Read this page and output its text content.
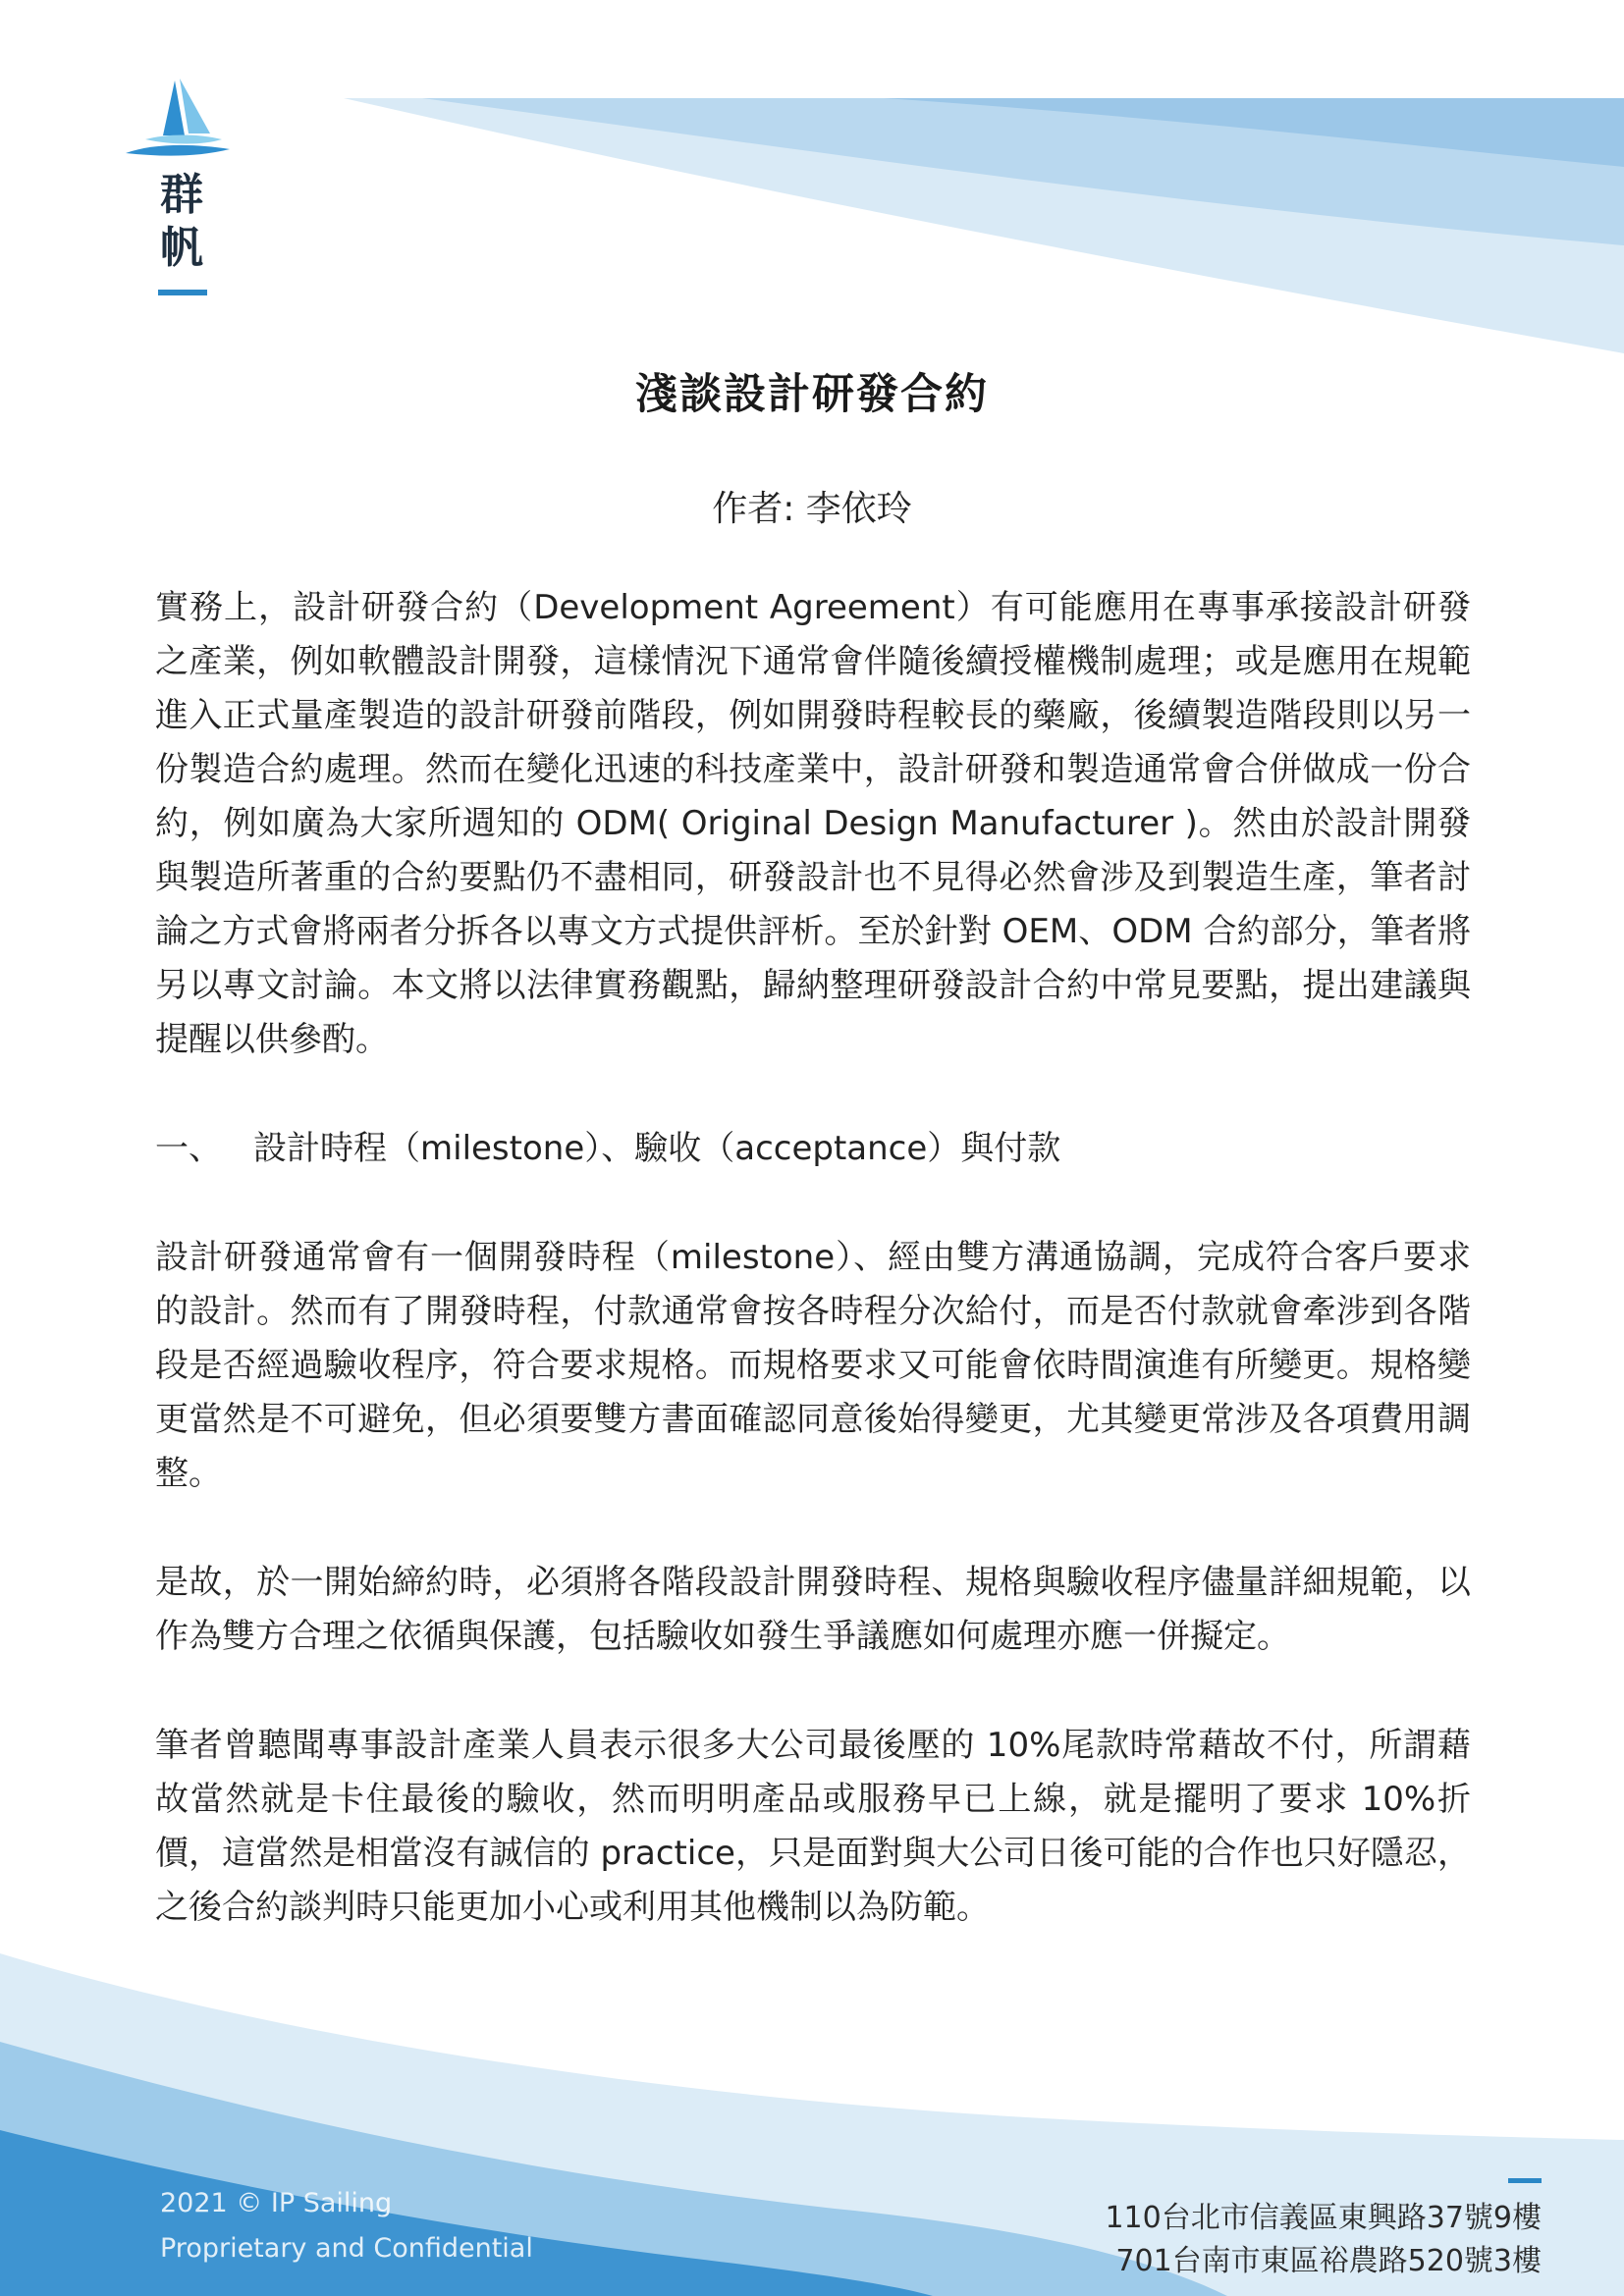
群
帆
淺談設計研發合約
作者: 李依玲

實務上，設計研發合約（Development Agreement）有可能應用在專事承接設計研發之產業，例如軟體設計開發，這樣情況下通常會伴隨後續授權機制處理；或是應用在規範進入正式量產製造的設計研發前階段，例如開發時程較長的藥廠，後續製造階段則以另一份製造合約處理。然而在變化迅速的科技產業中，設計研發和製造通常會合併做成一份合約，例如廣為大家所週知的 ODM( Original Design Manufacturer )。然由於設計開發與製造所著重的合約要點仍不盡相同，研發設計也不見得必然會涉及到製造生產，筆者討論之方式會將兩者分拆各以專文方式提供評析。至於針對 OEM、ODM 合約部分，筆者將另以專文討論。本文將以法律實務觀點，歸納整理研發設計合約中常見要點，提出建議與提醒以供參酌。

一、 設計時程（milestone）、驗收（acceptance）與付款

設計研發通常會有一個開發時程（milestone）、經由雙方溝通協調，完成符合客戶要求的設計。然而有了開發時程，付款通常會按各時程分次給付，而是否付款就會牽涉到各階段是否經過驗收程序，符合要求規格。而規格要求又可能會依時間演進有所變更。規格變更當然是不可避免，但必須要雙方書面確認同意後始得變更，尤其變更常涉及各項費用調整。

是故，於一開始締約時，必須將各階段設計開發時程、規格與驗收程序儘量詳細規範，以作為雙方合理之依循與保護，包括驗收如發生爭議應如何處理亦應一併擬定。

筆者曾聽聞專事設計產業人員表示很多大公司最後壓的 10%尾款時常藉故不付，所謂藉故當然就是卡住最後的驗收，然而明明產品或服務早已上線，就是擺明了要求 10%折價，這當然是相當沒有誠信的 practice，只是面對與大公司日後可能的合作也只好隱忍，之後合約談判時只能更加小心或利用其他機制以為防範。

2021 © IP Sailing
Proprietary and Confidential
110台北市信義區東興路37號9樓
701台南市東區裕農路520號3樓
